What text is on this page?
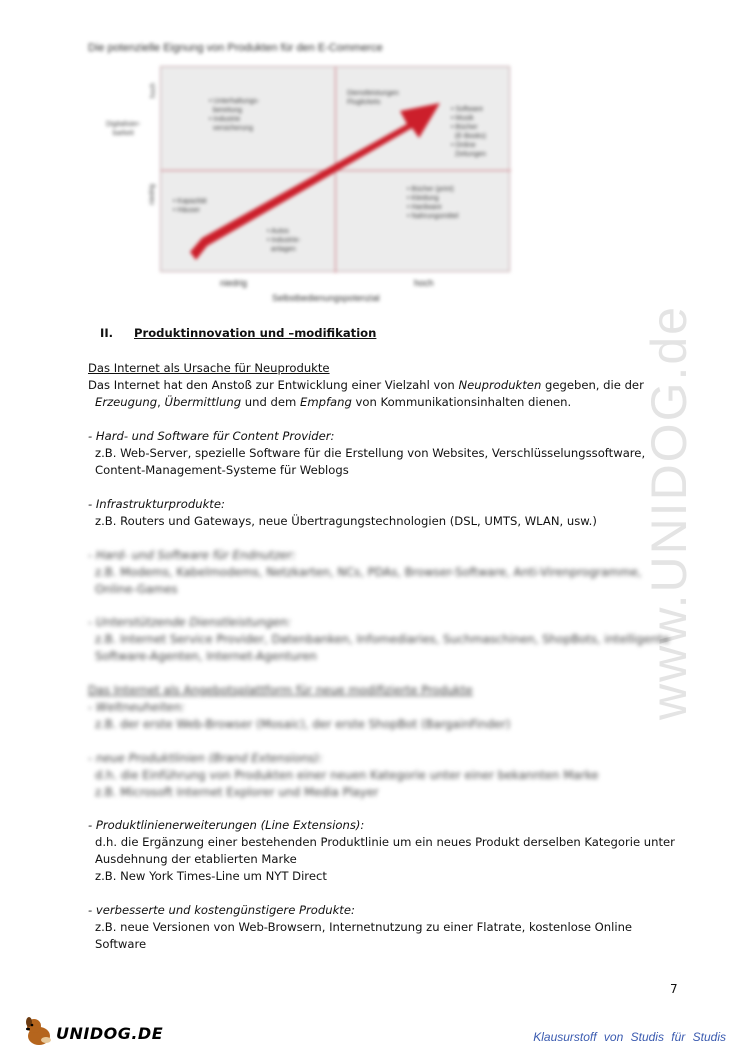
www.UNIDOG.de
Die potenzielle Eignung von Produkten für den E-Commerce
• Unterhaltungs-
bereitung
• Industrie
versicherung
Dienstleistungen
Flugtickets
• Software
• Musik
• Bücher
(E-Books)
• Online
Zeitungen
• Kapazität
• Häuser
• Autos
• Industrie-
anlagen
• Bücher (print)
• Kleidung
• Hardware
• Nahrungsmittel
Digitalisier-
barkeit
hoch
niedrig
niedrig	hoch
Selbstbedienungspotenzial
II. Produktinnovation und –modifikation
Das Internet als Ursache für Neuprodukte
Das Internet hat den Anstoß zur Entwicklung einer Vielzahl von Neuprodukten gegeben, die der
Erzeugung, Übermittlung und dem Empfang von Kommunikationsinhalten dienen.
- Hard- und Software für Content Provider:
z.B. Web-Server, spezielle Software für die Erstellung von Websites, Verschlüsselungssoftware,
Content-Management-Systeme für Weblogs
- Infrastrukturprodukte:
z.B. Routers und Gateways, neue Übertragungstechnologien (DSL, UMTS, WLAN, usw.)
- Hard- und Software für Endnutzer:
z.B. Modems, Kabelmodems, Netzkarten, NCs, PDAs, Browser-Software, Anti-Virenprogramme,
Online-Games
- Unterstützende Dienstleistungen:
z.B. Internet Service Provider, Datenbanken, Infomediaries, Suchmaschinen, ShopBots, intelligente
Software-Agenten, Internet-Agenturen
Das Internet als Angebotsplattform für neue modifizierte Produkte
- Weltneuheiten:
z.B. der erste Web-Browser (Mosaic), der erste ShopBot (BargainFinder)
- neue Produktlinien (Brand Extensions):
d.h. die Einführung von Produkten einer neuen Kategorie unter einer bekannten Marke
z.B. Microsoft Internet Explorer und Media Player
- Produktlinienerweiterungen (Line Extensions):
d.h. die Ergänzung einer bestehenden Produktlinie um ein neues Produkt derselben Kategorie unter
Ausdehnung der etablierten Marke
z.B. New York Times-Line um NYT Direct
- verbesserte und kostengünstigere Produkte:
z.B. neue Versionen von Web-Browsern, Internetnutzung zu einer Flatrate, kostenlose Online
Software
7
UNIDOG.DE	Klausurstoff von Studis für Studis
